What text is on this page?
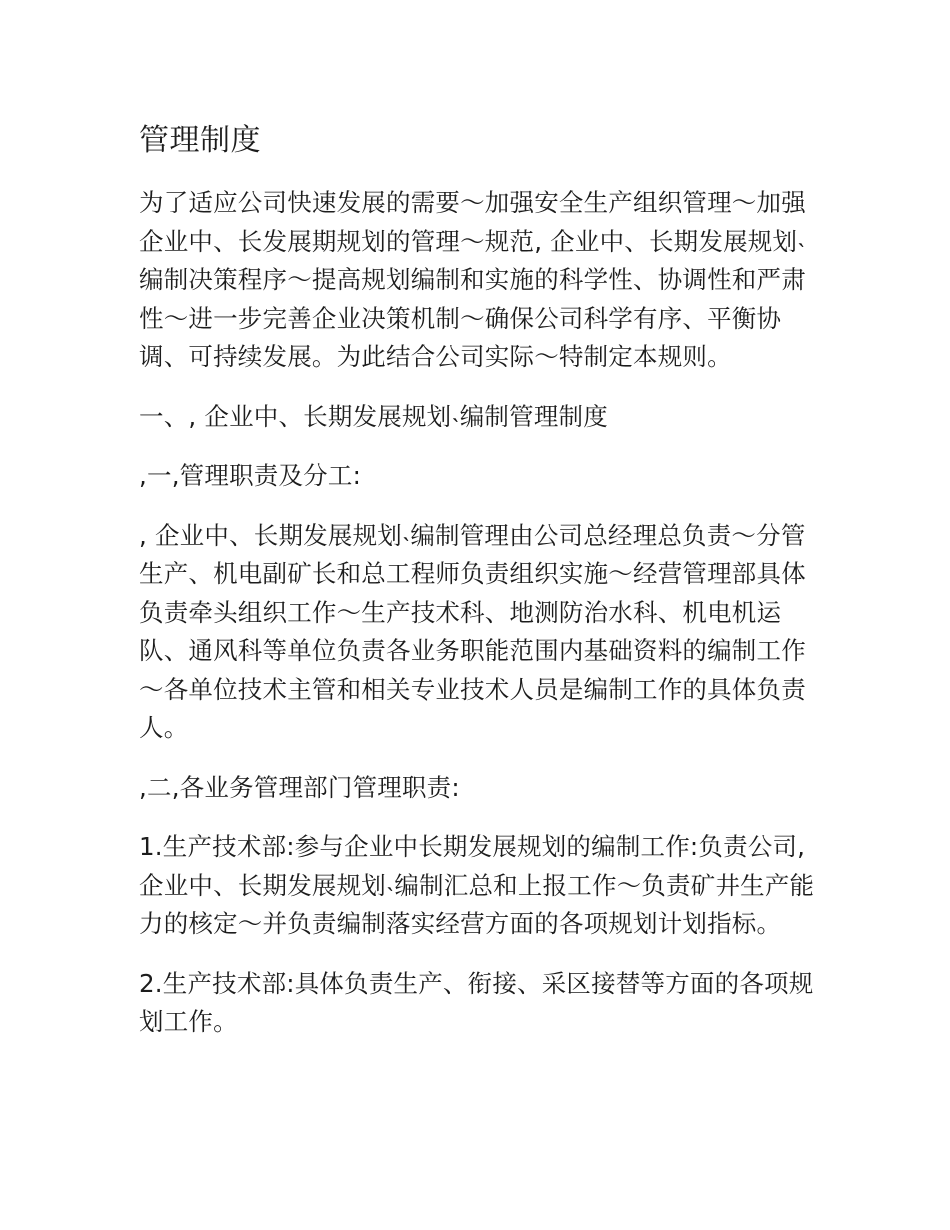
管理制度

为了适应公司快速发展的需要～加强安全生产组织管理～加强企业中、长发展期规划的管理～规范, 企业中、长期发展规划˴编制决策程序～提高规划编制和实施的科学性、协调性和严肃性～进一步完善企业决策机制～确保公司科学有序、平衡协调、可持续发展。为此结合公司实际～特制定本规则。

一、, 企业中、长期发展规划˴编制管理制度

,一,管理职责及分工:

, 企业中、长期发展规划˴编制管理由公司总经理总负责～分管生产、机电副矿长和总工程师负责组织实施～经营管理部具体负责牵头组织工作～生产技术科、地测防治水科、机电机运队、通风科等单位负责各业务职能范围内基础资料的编制工作～各单位技术主管和相关专业技术人员是编制工作的具体负责人。

,二,各业务管理部门管理职责:

1.生产技术部:参与企业中长期发展规划的编制工作:负责公司, 企业中、长期发展规划˴编制汇总和上报工作～负责矿井生产能力的核定～并负责编制落实经营方面的各项规划计划指标。

2.生产技术部:具体负责生产、衔接、采区接替等方面的各项规划工作。
